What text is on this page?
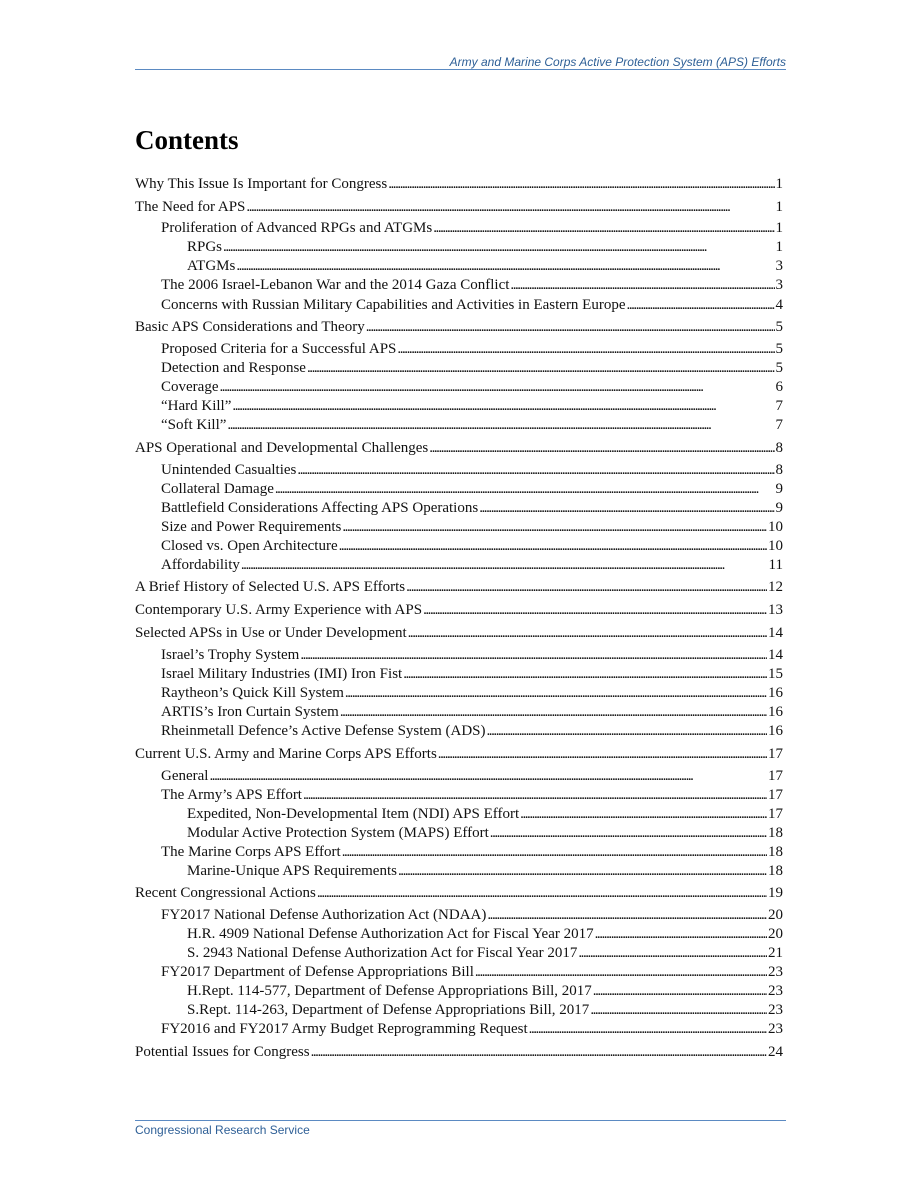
Army and Marine Corps Active Protection System (APS) Efforts
Contents
Why This Issue Is Important for Congress . . .	1
The Need for APS . . .	1
Proliferation of Advanced RPGs and ATGMs . . .	1
RPGs . . .	1
ATGMs . . .	3
The 2006 Israel-Lebanon War and the 2014 Gaza Conflict . . .	3
Concerns with Russian Military Capabilities and Activities in Eastern Europe . . .	4
Basic APS Considerations and Theory . . .	5
Proposed Criteria for a Successful APS . . .	5
Detection and Response . . .	5
Coverage . . .	6
“Hard Kill” . . .	7
“Soft Kill” . . .	7
APS Operational and Developmental Challenges . . .	8
Unintended Casualties . . .	8
Collateral Damage . . .	9
Battlefield Considerations Affecting APS Operations . . .	9
Size and Power Requirements . . .	10
Closed vs. Open Architecture . . .	10
Affordability . . .	11
A Brief History of Selected U.S. APS Efforts . . .	12
Contemporary U.S. Army Experience with APS . . .	13
Selected APSs in Use or Under Development . . .	14
Israel’s Trophy System . . .	14
Israel Military Industries (IMI) Iron Fist . . .	15
Raytheon’s Quick Kill System . . .	16
ARTIS’s Iron Curtain System . . .	16
Rheinmetall Defence’s Active Defense System (ADS) . . .	16
Current U.S. Army and Marine Corps APS Efforts . . .	17
General . . .	17
The Army’s APS Effort . . .	17
Expedited, Non-Developmental Item (NDI) APS Effort . . .	17
Modular Active Protection System (MAPS) Effort . . .	18
The Marine Corps APS Effort . . .	18
Marine-Unique APS Requirements . . .	18
Recent Congressional Actions . . .	19
FY2017 National Defense Authorization Act (NDAA) . . .	20
H.R. 4909 National Defense Authorization Act for Fiscal Year 2017 . . .	20
S. 2943 National Defense Authorization Act for Fiscal Year 2017 . . .	21
FY2017 Department of Defense Appropriations Bill . . .	23
H.Rept. 114-577, Department of Defense Appropriations Bill, 2017 . . .	23
S.Rept. 114-263, Department of Defense Appropriations Bill, 2017 . . .	23
FY2016 and FY2017 Army Budget Reprogramming Request . . .	23
Potential Issues for Congress . . .	24
Congressional Research Service
